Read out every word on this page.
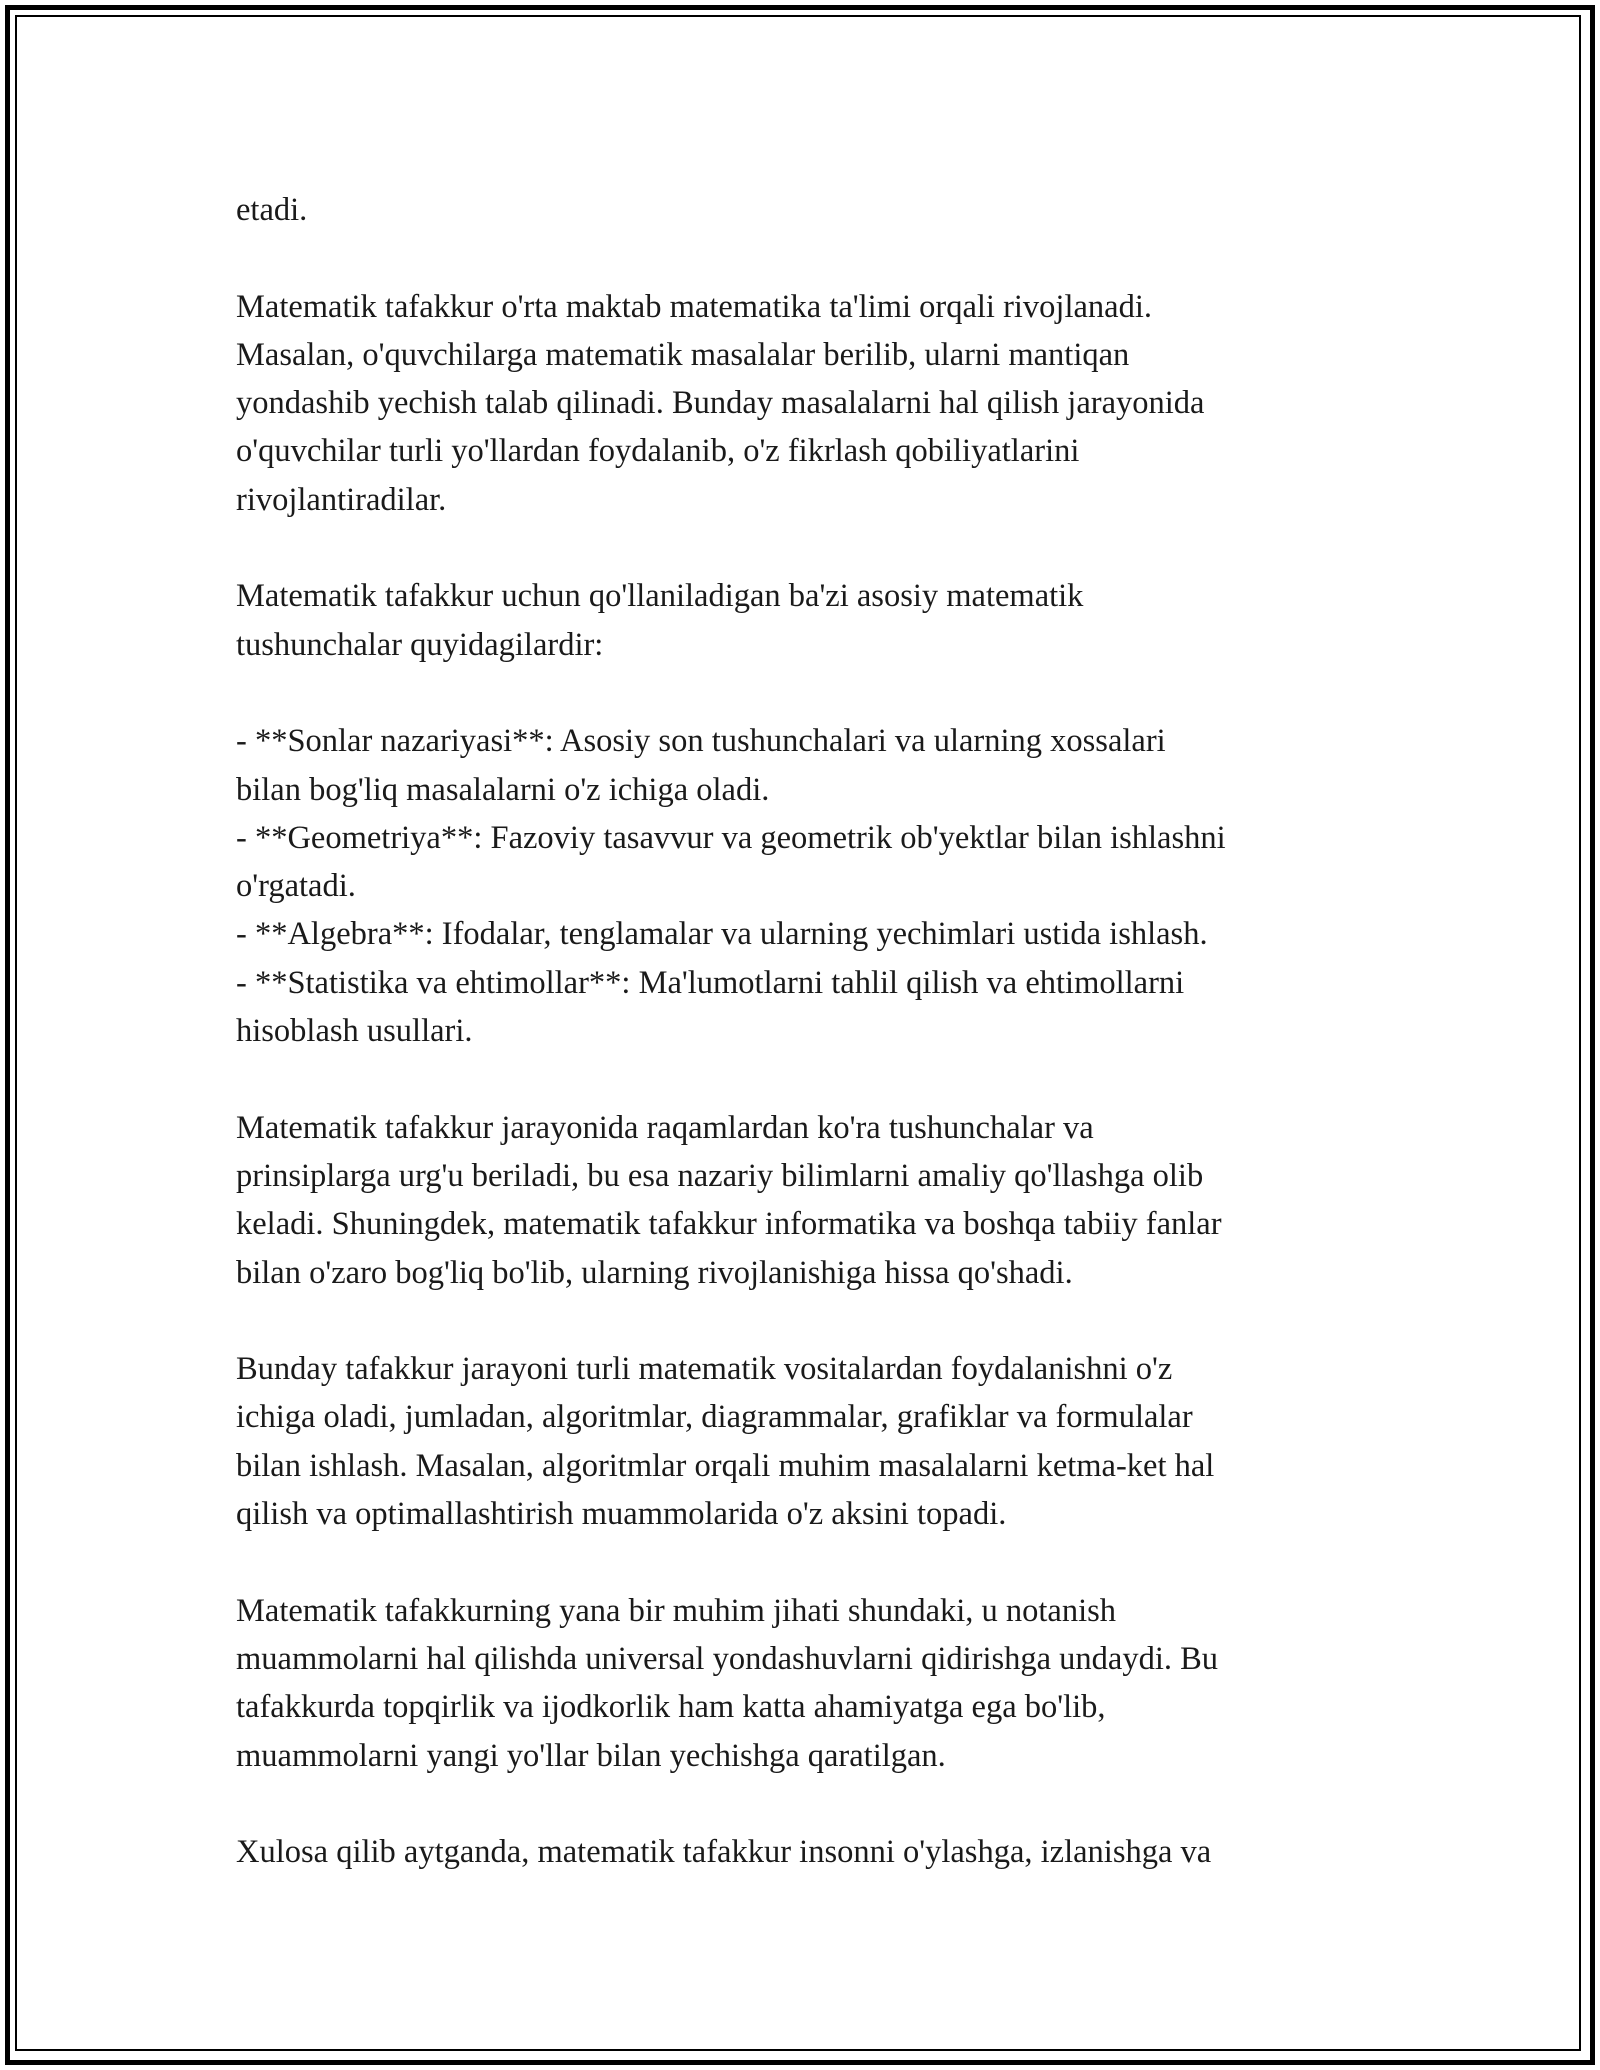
etadi.

Matematik tafakkur o'rta maktab matematika ta'limi orqali rivojlanadi.
Masalan, o'quvchilarga matematik masalalar berilib, ularni mantiqan
yondashib yechish talab qilinadi. Bunday masalalarni hal qilish jarayonida
o'quvchilar turli yo'llardan foydalanib, o'z fikrlash qobiliyatlarini
rivojlantiradilar.

Matematik tafakkur uchun qo'llaniladigan ba'zi asosiy matematik
tushunchalar quyidagilardir:

- **Sonlar nazariyasi**: Asosiy son tushunchalari va ularning xossalari
bilan bog'liq masalalarni o'z ichiga oladi.
- **Geometriya**: Fazoviy tasavvur va geometrik ob'yektlar bilan ishlashni
o'rgatadi.
- **Algebra**: Ifodalar, tenglamalar va ularning yechimlari ustida ishlash.
- **Statistika va ehtimollar**: Ma'lumotlarni tahlil qilish va ehtimollarni
hisoblash usullari.

Matematik tafakkur jarayonida raqamlardan ko'ra tushunchalar va
prinsiplarga urg'u beriladi, bu esa nazariy bilimlarni amaliy qo'llashga olib
keladi. Shuningdek, matematik tafakkur informatika va boshqa tabiiy fanlar
bilan o'zaro bog'liq bo'lib, ularning rivojlanishiga hissa qo'shadi.

Bunday tafakkur jarayoni turli matematik vositalardan foydalanishni o'z
ichiga oladi, jumladan, algoritmlar, diagrammalar, grafiklar va formulalar
bilan ishlash. Masalan, algoritmlar orqali muhim masalalarni ketma-ket hal
qilish va optimallashtirish muammolarida o'z aksini topadi.

Matematik tafakkurning yana bir muhim jihati shundaki, u notanish
muammolarni hal qilishda universal yondashuvlarni qidirishga undaydi. Bu
tafakkurda topqirlik va ijodkorlik ham katta ahamiyatga ega bo'lib,
muammolarni yangi yo'llar bilan yechishga qaratilgan.

Xulosa qilib aytganda, matematik tafakkur insonni o'ylashga, izlanishga va
